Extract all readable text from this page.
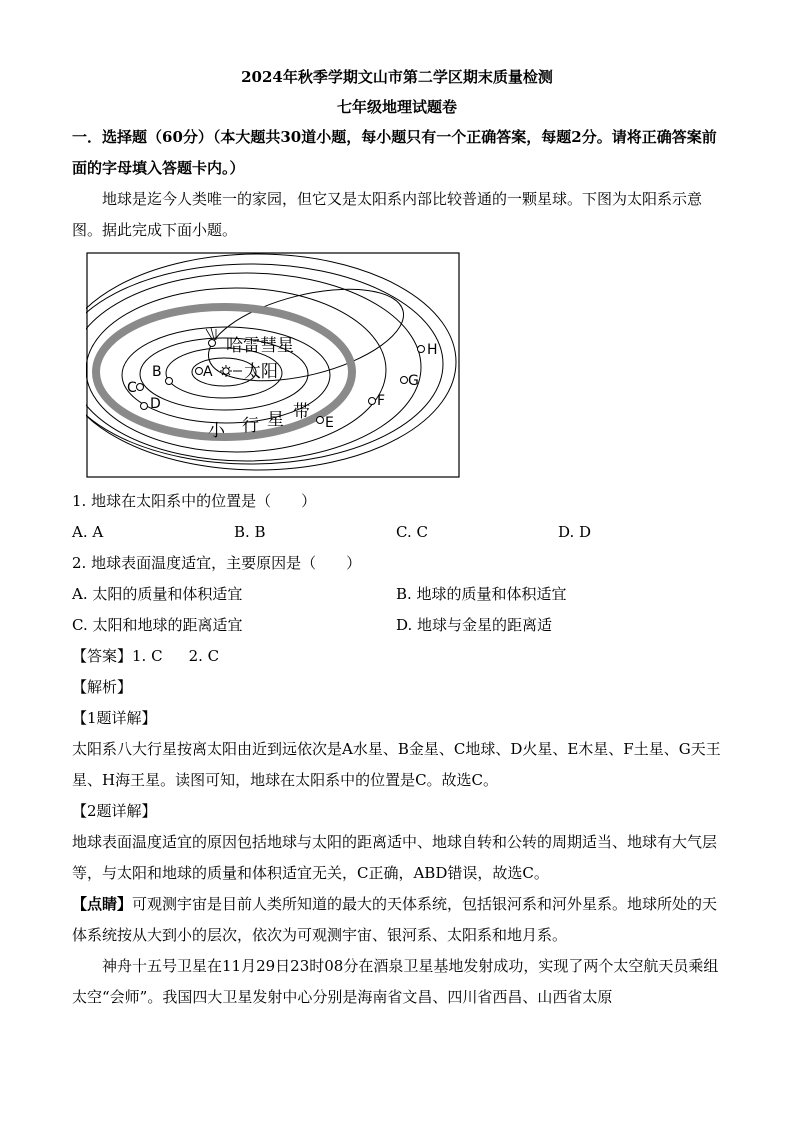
2024年秋季学期文山市第二学区期末质量检测
七年级地理试题卷

一．选择题（60分）（本大题共30道小题，每小题只有一个正确答案，每题2分。请将正确答案前面的字母填入答题卡内。）

地球是迄今人类唯一的家园，但它又是太阳系内部比较普通的一颗星球。下图为太阳系示意图。据此完成下面小题。

A
B
C
D
E
F
G
H
哈雷彗星
太阳
小 行 星 带

1. 地球在太阳系中的位置是（　　）

A. A	B. B	C. C	D. D

2. 地球表面温度适宜，主要原因是（　　）

A. 太阳的质量和体积适宜	B. 地球的质量和体积适宜
C. 太阳和地球的距离适宜	D. 地球与金星的距离适

【答案】1. C 2. C

【解析】

【1题详解】

太阳系八大行星按离太阳由近到远依次是A水星、B金星、C地球、D火星、E木星、F土星、G天王星、H海王星。读图可知，地球在太阳系中的位置是C。故选C。

【2题详解】

地球表面温度适宜的原因包括地球与太阳的距离适中、地球自转和公转的周期适当、地球有大气层等，与太阳和地球的质量和体积适宜无关，C正确，ABD错误，故选C。

【点睛】可观测宇宙是目前人类所知道的最大的天体系统，包括银河系和河外星系。地球所处的天体系统按从大到小的层次，依次为可观测宇宙、银河系、太阳系和地月系。

神舟十五号卫星在11月29日23时08分在酒泉卫星基地发射成功，实现了两个太空航天员乘组太空“会师”。我国四大卫星发射中心分别是海南省文昌、四川省西昌、山西省太原
